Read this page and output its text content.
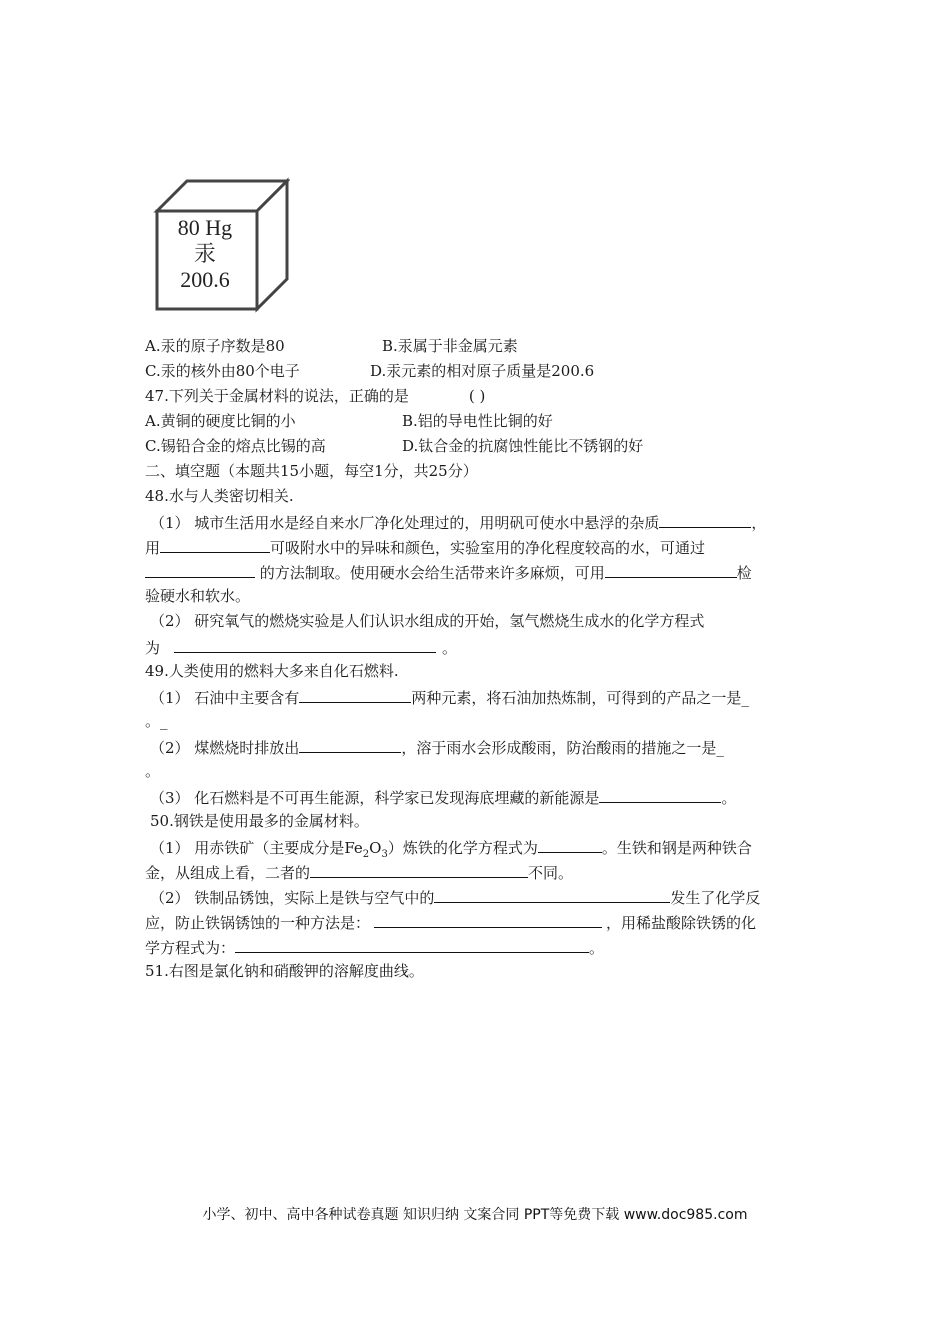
80 Hg
汞
200.6
A.汞的原子序数是80	B.汞属于非金属元素
C.汞的核外由80个电子	D.汞元素的相对原子质量是200.6
47.下列关于金属材料的说法，正确的是	( )
A.黄铜的硬度比铜的小	B.铝的导电性比铜的好
C.锡铅合金的熔点比锡的高	D.钛合金的抗腐蚀性能比不锈钢的好
二、填空题（本题共15小题，每空1分，共25分）
48.水与人类密切相关.
（1） 城市生活用水是经自来水厂净化处理过的，用明矾可使水中悬浮的杂质	，
用	可吸附水中的异味和颜色，实验室用的净化程度较高的水，可通过
的方法制取。使用硬水会给生活带来许多麻烦，可用	检
验硬水和软水。
（2） 研究氧气的燃烧实验是人们认识水组成的开始，氢气燃烧生成水的化学方程式
为	。
49.人类使用的燃料大多来自化石燃料.
（1） 石油中主要含有	两种元素，将石油加热炼制，可得到的产品之一是_
。_
（2） 煤燃烧时排放出	，溶于雨水会形成酸雨，防治酸雨的措施之一是_
。
（3） 化石燃料是不可再生能源，科学家已发现海底埋藏的新能源是	。
50.钢铁是使用最多的金属材料。
（1） 用赤铁矿（主要成分是$Fe_2O_3$）炼铁的化学方程式为	。生铁和钢是两种铁合
金，从组成上看，二者的	不同。
（2） 铁制品锈蚀，实际上是铁与空气中的	发生了化学反
应，防止铁锅锈蚀的一种方法是：	，用稀盐酸除铁锈的化
学方程式为：	。
51.右图是氯化钠和硝酸钾的溶解度曲线。
小学、初中、高中各种试卷真题 知识归纳 文案合同 PPT等免费下载 www.doc985.com
